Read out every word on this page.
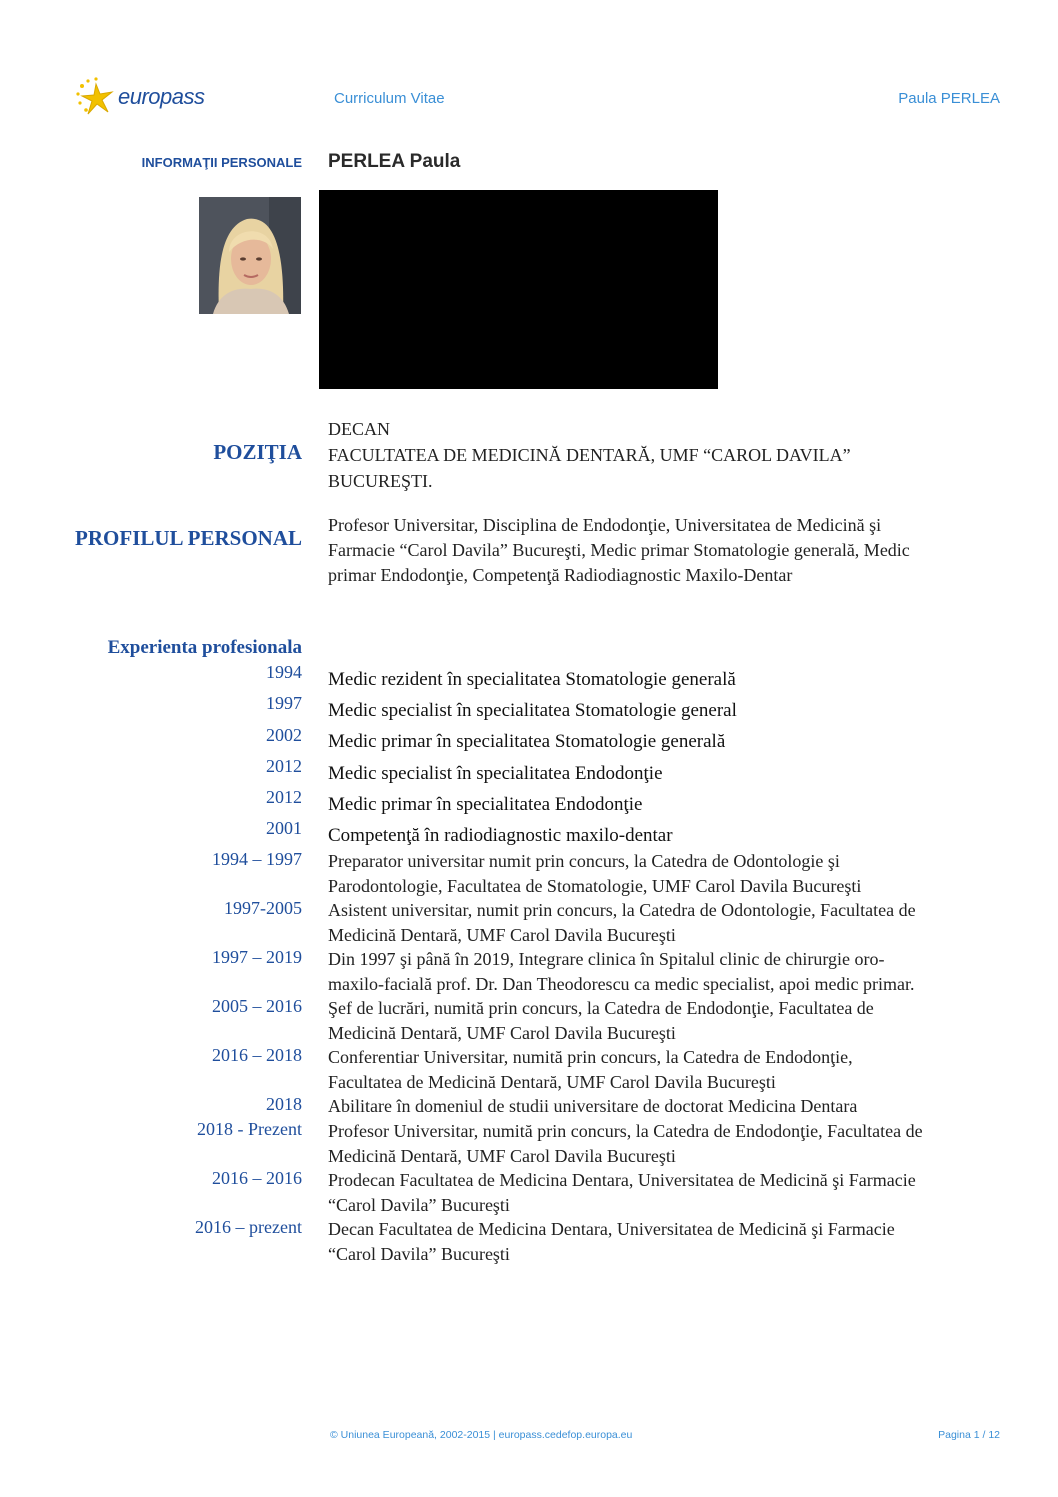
europass	Curriculum Vitae	Paula PERLEA
INFORMAŢII PERSONALE PERLEA Paula
POZIŢIA
DECAN
FACULTATEA DE MEDICINĂ DENTARĂ, UMF “CAROL DAVILA”
BUCUREŞTI.
PROFILUL PERSONAL
Profesor Universitar, Disciplina de Endodonţie, Universitatea de Medicină şi
Farmacie “Carol Davila” Bucureşti, Medic primar Stomatologie generală, Medic
primar Endodonţie, Competenţă Radiodiagnostic Maxilo-Dentar
Experienta profesionala
1994 Medic rezident în specialitatea Stomatologie generală
1997 Medic specialist în specialitatea Stomatologie general
2002 Medic primar în specialitatea Stomatologie generală
2012 Medic specialist în specialitatea Endodonţie
2012 Medic primar în specialitatea Endodonţie
2001 Competenţă în radiodiagnostic maxilo-dentar
1994 – 1997 Preparator universitar numit prin concurs, la Catedra de Odontologie şi
Parodontologie, Facultatea de Stomatologie, UMF Carol Davila Bucureşti
1997-2005 Asistent universitar, numit prin concurs, la Catedra de Odontologie, Facultatea de
Medicină Dentară, UMF Carol Davila Bucureşti
1997 – 2019 Din 1997 şi până în 2019, Integrare clinica în Spitalul clinic de chirurgie oro-
maxilo-facială prof. Dr. Dan Theodorescu ca medic specialist, apoi medic primar.
2005 – 2016 Şef de lucrări, numită prin concurs, la Catedra de Endodonţie, Facultatea de
Medicină Dentară, UMF Carol Davila Bucureşti
2016 – 2018 Conferentiar Universitar, numită prin concurs, la Catedra de Endodonţie,
Facultatea de Medicină Dentară, UMF Carol Davila Bucureşti
2018 Abilitare în domeniul de studii universitare de doctorat Medicina Dentara
2018 - Prezent Profesor Universitar, numită prin concurs, la Catedra de Endodonţie, Facultatea de
Medicină Dentară, UMF Carol Davila Bucureşti
2016 – 2016 Prodecan Facultatea de Medicina Dentara, Universitatea de Medicină şi Farmacie
“Carol Davila” Bucureşti
2016 – prezent Decan Facultatea de Medicina Dentara, Universitatea de Medicină şi Farmacie
“Carol Davila” Bucureşti
© Uniunea Europeană, 2002-2015 | europass.cedefop.europa.eu	Pagina 1 / 12
